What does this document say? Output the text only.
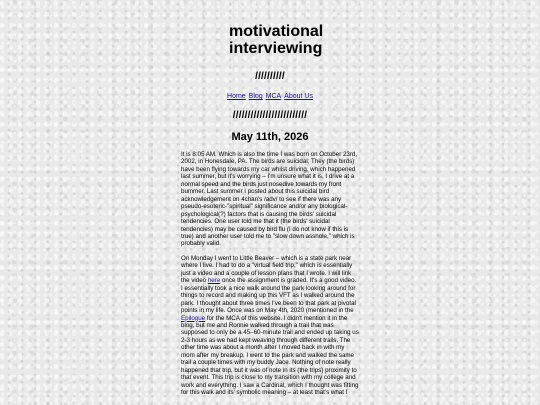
motivational
interviewing
//////////
Home Blog MCA About Us
/////////////////////////
May 11th, 2026

It is 8:05 AM. Which is also the time I was born on October 23rd, 2002, in Honesdale, PA. The birds are suicidal; They (the birds) have been flying towards my car whilst driving, which happened last summer, but it's worrying – I'm unsure what it is, I drive at a normal speed and the birds just nosedive towards my front bummer. Last summer I posted about this suicidal bird acknowledgement on 4chan's /adv/ to see if there was any pseudo-esoteric-"spiritual" significance and/or any biological-psychological(?) factors that is causing the birds' suicidal tendencies. One user told me that it (the birds' suicidal tendencies) may be caused by bird flu (I do not know if this is true) and another user told me to "slow down asshole," which is probably valid.

On Monday I went to Little Beaver – which is a state park near where I live. I had to do a "virtual field trip," which is essentially just a video and a couple of lesson plans that I wrote. I will link the video here once the assignment is graded. It's a good video. I essentially took a nice walk around the park looking around for things to record and making up this VFT as I walked around the park. I thought about three times I've been to that park at pivotal points in my life. Once was on May 4th, 2020 (mentioned in the Epilogue for the MCA of this website. I didn't mention it in the blog, but me and Ronnie walked through a trail that was supposed to only be a 45–60-minute trail and ended up taking us 2-3 hours as we had kept weaving through different trails. The other time was about a month after I moved back in with my mom after my breakup, I went to the park and walked the same trail a couple times with my buddy Jace. Nothing of note really happened that trip, but it was of note in its (the trips) proximity to that event. This trip is close to my transition with my college and work and everything. I saw a Cardinal, which I thought was fitting for this walk and its' symbolic meaning – at least that's what I
